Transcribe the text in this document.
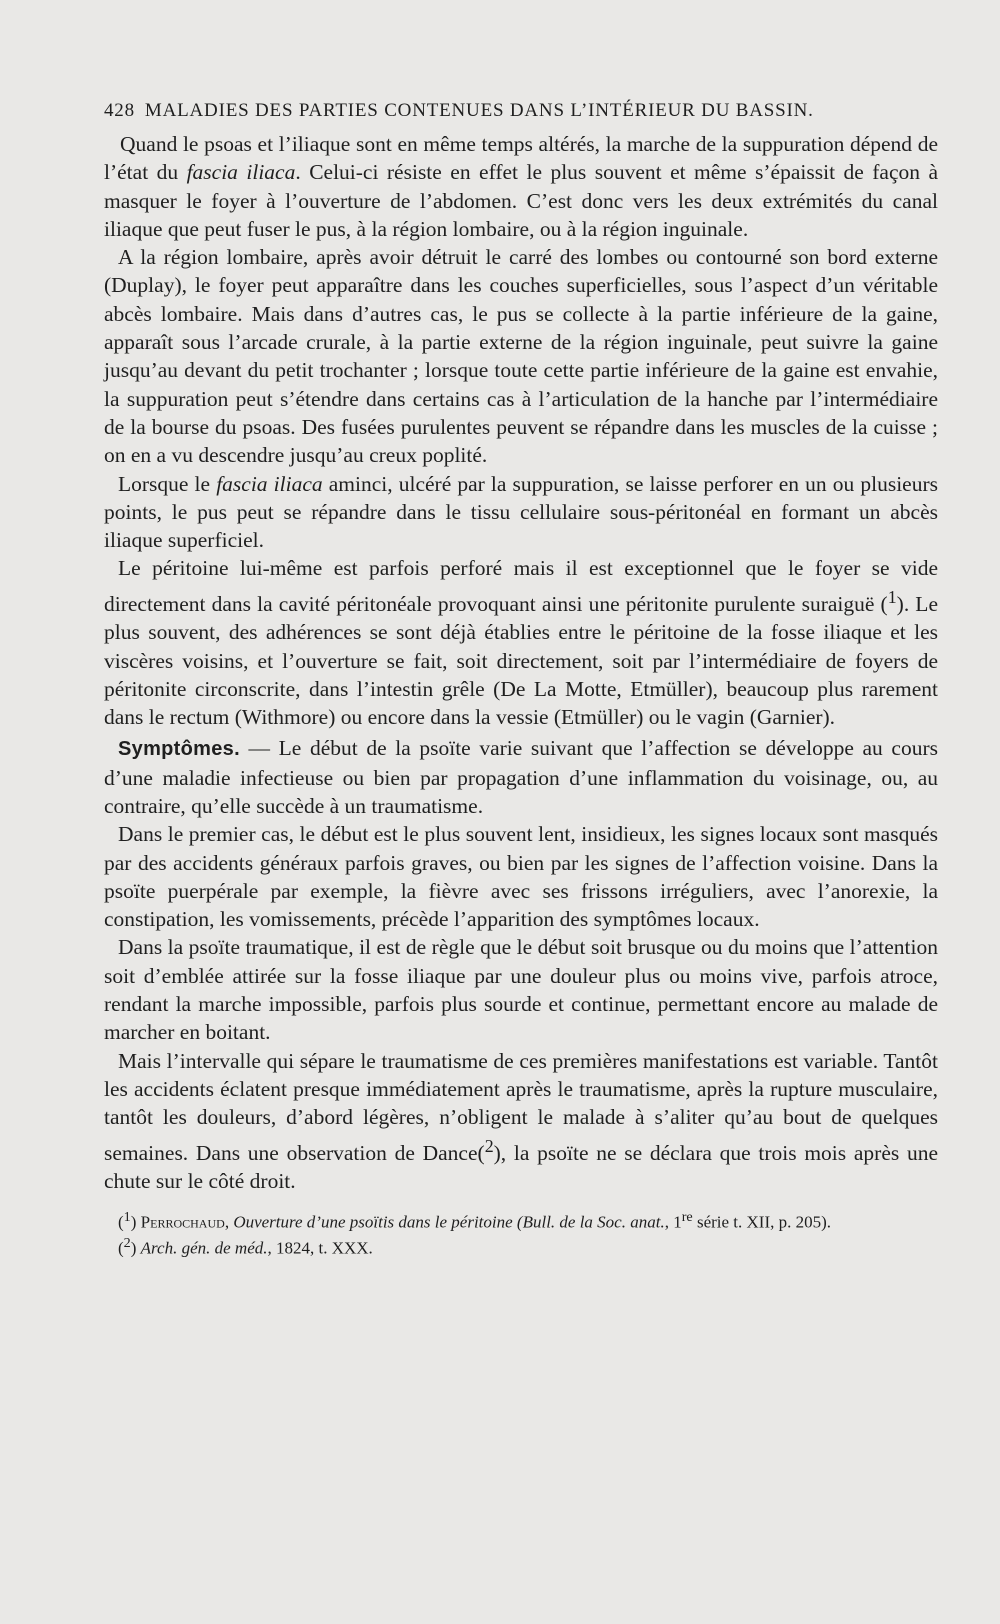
428 MALADIES DES PARTIES CONTENUES DANS L’INTÉRIEUR DU BASSIN.

Quand le psoas et l’iliaque sont en même temps altérés, la marche de la suppuration dépend de l’état du fascia iliaca. Celui-ci résiste en effet le plus souvent et même s’épaissit de façon à masquer le foyer à l’ouverture de l’abdomen. C’est donc vers les deux extrémités du canal iliaque que peut fuser le pus, à la région lombaire, ou à la région inguinale.

A la région lombaire, après avoir détruit le carré des lombes ou contourné son bord externe (Duplay), le foyer peut apparaître dans les couches superficielles, sous l’aspect d’un véritable abcès lombaire. Mais dans d’autres cas, le pus se collecte à la partie inférieure de la gaine, apparaît sous l’arcade crurale, à la partie externe de la région inguinale, peut suivre la gaine jusqu’au devant du petit trochanter ; lorsque toute cette partie inférieure de la gaine est envahie, la suppuration peut s’étendre dans certains cas à l’articulation de la hanche par l’intermédiaire de la bourse du psoas. Des fusées purulentes peuvent se répandre dans les muscles de la cuisse ; on en a vu descendre jusqu’au creux poplité.

Lorsque le fascia iliaca aminci, ulcéré par la suppuration, se laisse perforer en un ou plusieurs points, le pus peut se répandre dans le tissu cellulaire sous-péritonéal en formant un abcès iliaque superficiel.

Le péritoine lui-même est parfois perforé mais il est exceptionnel que le foyer se vide directement dans la cavité péritonéale provoquant ainsi une péritonite purulente suraiguë ($^1$). Le plus souvent, des adhérences se sont déjà établies entre le péritoine de la fosse iliaque et les viscères voisins, et l’ouverture se fait, soit directement, soit par l’intermédiaire de foyers de péritonite circonscrite, dans l’intestin grêle (De La Motte, Etmüller), beaucoup plus rarement dans le rectum (Withmore) ou encore dans la vessie (Etmüller) ou le vagin (Garnier).

Symptômes. — Le début de la psoïte varie suivant que l’affection se développe au cours d’une maladie infectieuse ou bien par propagation d’une inflammation du voisinage, ou, au contraire, qu’elle succède à un traumatisme.

Dans le premier cas, le début est le plus souvent lent, insidieux, les signes locaux sont masqués par des accidents généraux parfois graves, ou bien par les signes de l’affection voisine. Dans la psoïte puerpérale par exemple, la fièvre avec ses frissons irréguliers, avec l’anorexie, la constipation, les vomissements, précède l’apparition des symptômes locaux.

Dans la psoïte traumatique, il est de règle que le début soit brusque ou du moins que l’attention soit d’emblée attirée sur la fosse iliaque par une douleur plus ou moins vive, parfois atroce, rendant la marche impossible, parfois plus sourde et continue, permettant encore au malade de marcher en boitant.

Mais l’intervalle qui sépare le traumatisme de ces premières manifestations est variable. Tantôt les accidents éclatent presque immédiatement après le traumatisme, après la rupture musculaire, tantôt les douleurs, d’abord légères, n’obligent le malade à s’aliter qu’au bout de quelques semaines. Dans une observation de Dance($^2$), la psoïte ne se déclara que trois mois après une chute sur le côté droit.

($^1$) Perrochaud, Ouverture d’une psoïtis dans le péritoine (Bull. de la Soc. anat., 1re série t. XII, p. 205).

($^2$) Arch. gén. de méd., 1824, t. XXX.
